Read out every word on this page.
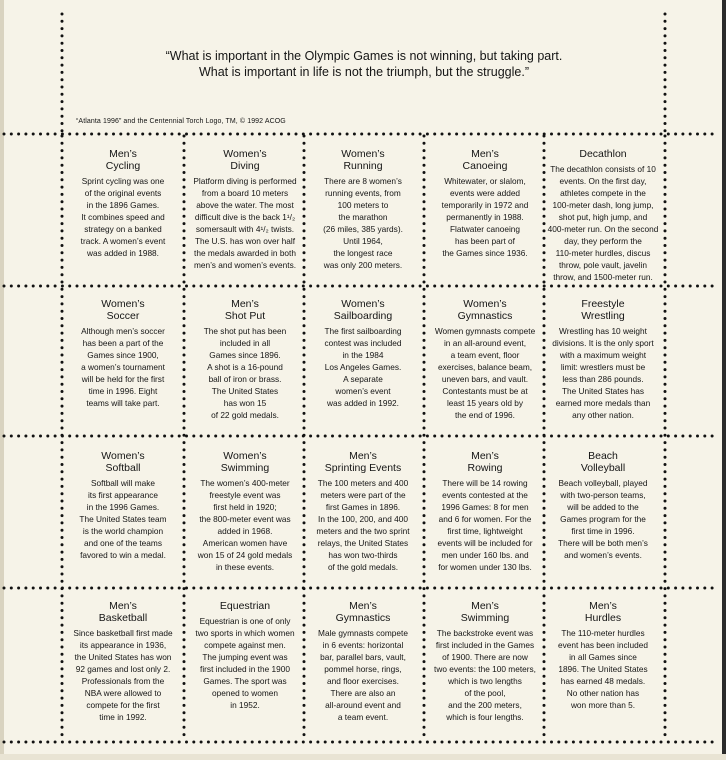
“What is important in the Olympic Games is not winning, but taking part.
What is important in life is not the triumph, but the struggle.”
“Atlanta 1996” and the Centennial Torch Logo, TM, © 1992 ACOG
Men’s
Cycling
Sprint cycling was one
of the original events
in the 1896 Games.
It combines speed and
strategy on a banked
track. A women’s event
was added in 1988.
Women’s
Diving
Platform diving is performed
from a board 10 meters
above the water. The most
difficult dive is the back 1¹/₂
somersault with 4¹/₂ twists.
The U.S. has won over half
the medals awarded in both
men’s and women’s events.
Women’s
Running
There are 8 women’s
running events, from
100 meters to
the marathon
(26 miles, 385 yards).
Until 1964,
the longest race
was only 200 meters.
Men’s
Canoeing
Whitewater, or slalom,
events were added
temporarily in 1972 and
permanently in 1988.
Flatwater canoeing
has been part of
the Games since 1936.
Decathlon
The decathlon consists of 10
events. On the first day,
athletes compete in the
100-meter dash, long jump,
shot put, high jump, and
400-meter run. On the second
day, they perform the
110-meter hurdles, discus
throw, pole vault, javelin
throw, and 1500-meter run.
Women’s
Soccer
Although men’s soccer
has been a part of the
Games since 1900,
a women’s tournament
will be held for the first
time in 1996. Eight
teams will take part.
Men’s
Shot Put
The shot put has been
included in all
Games since 1896.
A shot is a 16-pound
ball of iron or brass.
The United States
has won 15
of 22 gold medals.
Women’s
Sailboarding
The first sailboarding
contest was included
in the 1984
Los Angeles Games.
A separate
women’s event
was added in 1992.
Women’s
Gymnastics
Women gymnasts compete
in an all-around event,
a team event, floor
exercises, balance beam,
uneven bars, and vault.
Contestants must be at
least 15 years old by
the end of 1996.
Freestyle
Wrestling
Wrestling has 10 weight
divisions. It is the only sport
with a maximum weight
limit: wrestlers must be
less than 286 pounds.
The United States has
earned more medals than
any other nation.
Women’s
Softball
Softball will make
its first appearance
in the 1996 Games.
The United States team
is the world champion
and one of the teams
favored to win a medal.
Women’s
Swimming
The women’s 400-meter
freestyle event was
first held in 1920;
the 800-meter event was
added in 1968.
American women have
won 15 of 24 gold medals
in these events.
Men’s
Sprinting Events
The 100 meters and 400
meters were part of the
first Games in 1896.
In the 100, 200, and 400
meters and the two sprint
relays, the United States
has won two-thirds
of the gold medals.
Men’s
Rowing
There will be 14 rowing
events contested at the
1996 Games: 8 for men
and 6 for women. For the
first time, lightweight
events will be included for
men under 160 lbs. and
for women under 130 lbs.
Beach
Volleyball
Beach volleyball, played
with two-person teams,
will be added to the
Games program for the
first time in 1996.
There will be both men’s
and women’s events.
Men’s
Basketball
Since basketball first made
its appearance in 1936,
the United States has won
92 games and lost only 2.
Professionals from the
NBA were allowed to
compete for the first
time in 1992.
Equestrian
Equestrian is one of only
two sports in which women
compete against men.
The jumping event was
first included in the 1900
Games. The sport was
opened to women
in 1952.
Men’s
Gymnastics
Male gymnasts compete
in 6 events: horizontal
bar, parallel bars, vault,
pommel horse, rings,
and floor exercises.
There are also an
all-around event and
a team event.
Men’s
Swimming
The backstroke event was
first included in the Games
of 1900. There are now
two events: the 100 meters,
which is two lengths
of the pool,
and the 200 meters,
which is four lengths.
Men’s
Hurdles
The 110-meter hurdles
event has been included
in all Games since
1896. The United States
has earned 48 medals.
No other nation has
won more than 5.
